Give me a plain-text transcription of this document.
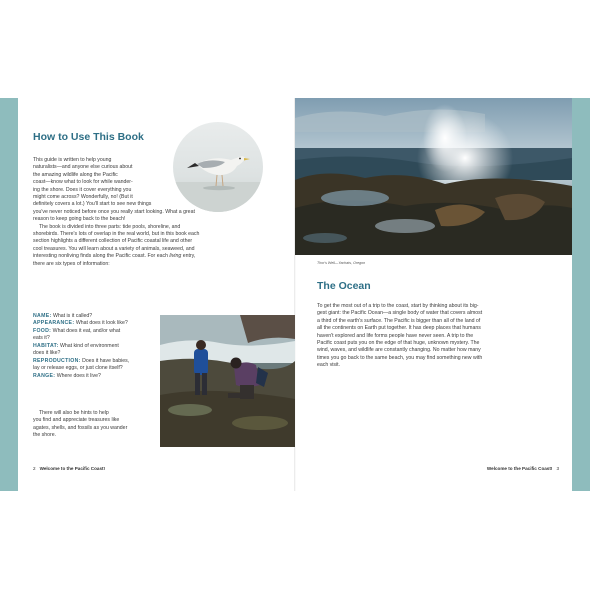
How to Use This Book
This guide is written to help young
naturalists—and anyone else curious about
the amazing wildlife along the Pacific
coast—know what to look for while wander-
ing the shore. Does it cover everything you
might come across? Wonderfully, no! (But it
definitely covers a lot.) You'll start to see new things
you've never noticed before once you really start looking. What a great
reason to keep going back to the beach!
The book is divided into three parts: tide pools, shoreline, and
shorebirds. There's lots of overlap in the real world, but in this book each
section highlights a different collection of Pacific coastal life and other
cool treasures. You will learn about a variety of animals, seaweed, and
interesting nonliving finds along the Pacific coast. For each living entry,
there are six types of information:
NAME: What is it called?
APPEARANCE: What does it look like?
FOOD: What does it eat, and/or what
eats it?
HABITAT: What kind of environment
does it like?
REPRODUCTION: Does it have babies,
lay or release eggs, or just clone itself?
RANGE: Where does it live?
There will also be hints to help
you find and appreciate treasures like
agates, shells, and fossils as you wander
the shore.
2 Welcome to the Pacific Coast!
Thor's Well—Yachats, Oregon
The Ocean
To get the most out of a trip to the coast, start by thinking about its big-
gest giant: the Pacific Ocean—a single body of water that covers almost
a third of the earth's surface. The Pacific is bigger than all of the land of
all the continents on Earth put together. It has deep places that humans
haven't explored and life forms people have never seen. A trip to the
Pacific coast puts you on the edge of that huge, unknown mystery. The
wind, waves, and wildlife are constantly changing. No matter how many
times you go back to the same beach, you may find something new with
each visit.
Welcome to the Pacific Coast! 3
